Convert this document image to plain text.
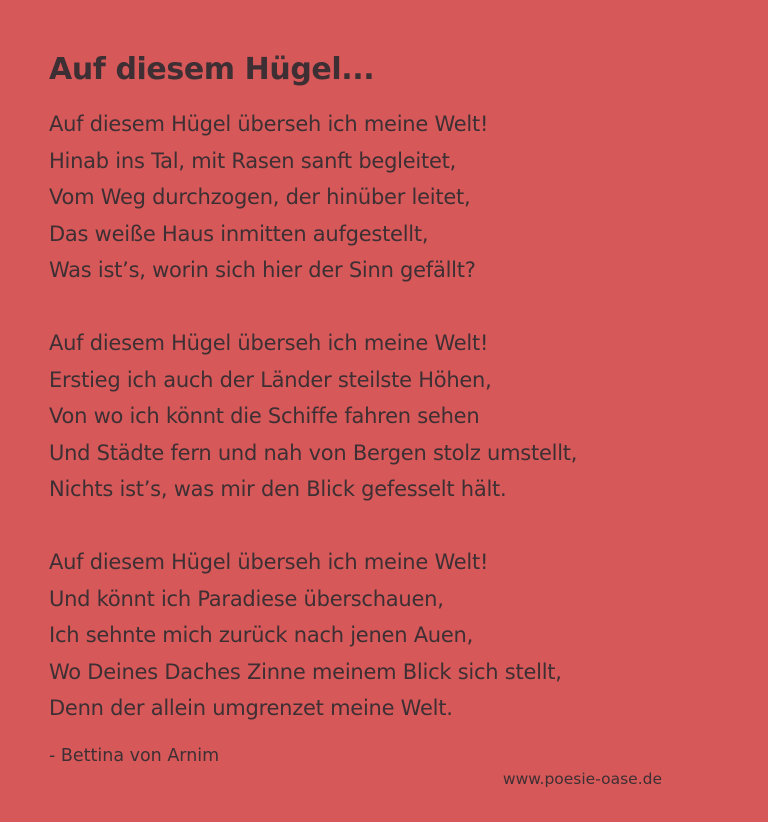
Auf diesem Hügel...
Auf diesem Hügel überseh ich meine Welt!
Hinab ins Tal, mit Rasen sanft begleitet,
Vom Weg durchzogen, der hinüber leitet,
Das weiße Haus inmitten aufgestellt,
Was ist’s, worin sich hier der Sinn gefällt?
Auf diesem Hügel überseh ich meine Welt!
Erstieg ich auch der Länder steilste Höhen,
Von wo ich könnt die Schiffe fahren sehen
Und Städte fern und nah von Bergen stolz umstellt,
Nichts ist’s, was mir den Blick gefesselt hält.
Auf diesem Hügel überseh ich meine Welt!
Und könnt ich Paradiese überschauen,
Ich sehnte mich zurück nach jenen Auen,
Wo Deines Daches Zinne meinem Blick sich stellt,
Denn der allein umgrenzet meine Welt.
- Bettina von Arnim
www.poesie-oase.de
